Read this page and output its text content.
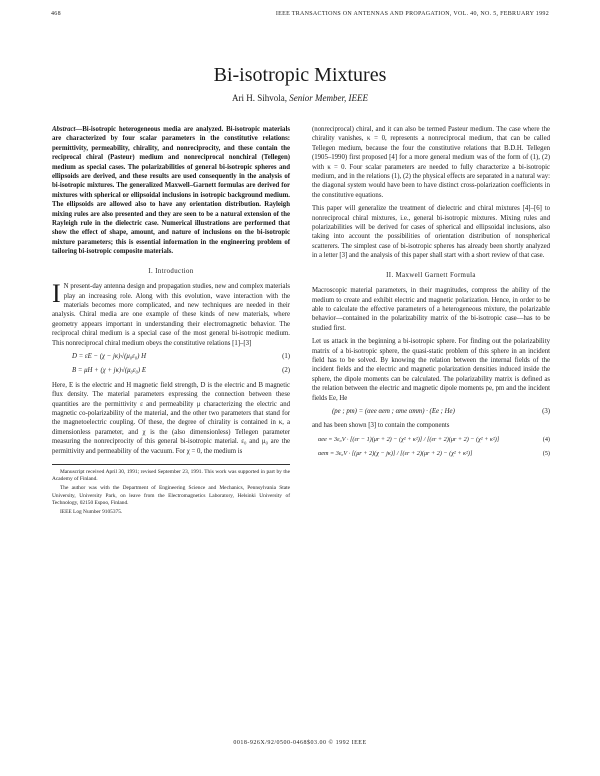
468	IEEE TRANSACTIONS ON ANTENNAS AND PROPAGATION, VOL. 40, NO. 5, FEBRUARY 1992
Bi-isotropic Mixtures

Ari H. Sihvola, Senior Member, IEEE

Abstract—Bi-isotropic heterogeneous media are analyzed. Bi-isotropic materials are characterized by four scalar parameters in the constitutive relations: permittivity, permeability, chirality, and nonreciprocity, and these contain the reciprocal chiral (Pasteur) medium and nonreciprocal nonchiral (Tellegen) medium as special cases. The polarizabilities of general bi-isotropic spheres and ellipsoids are derived, and these results are used consequently in the analysis of bi-isotropic mixtures. The generalized Maxwell–Garnett formulas are derived for mixtures with spherical or ellipsoidal inclusions in isotropic background medium. The ellipsoids are allowed also to have any orientation distribution. Rayleigh mixing rules are also presented and they are seen to be a natural extension of the Rayleigh rule in the dielectric case. Numerical illustrations are performed that show the effect of shape, amount, and nature of inclusions on the bi-isotropic mixture parameters; this is essential information in the engineering problem of tailoring bi-isotropic composite materials.

I. Introduction

I N present-day antenna design and propagation studies, new and complex materials play an increasing role. Along with this evolution, wave interaction with the materials becomes more complicated, and new techniques are needed in their analysis. Chiral media are one example of these kinds of new materials, where geometry appears important in understanding their electromagnetic behavior. The reciprocal chiral medium is a special case of the most general bi-isotropic medium. This nonreciprocal chiral medium obeys the constitutive relations [1]–[3]

D = εE − (χ − jκ)√(μ₀ε₀) H	(1)
B = μH + (χ + jκ)√(μ₀ε₀) E	(2)

Here, E is the electric and H magnetic field strength, D is the electric and B magnetic flux density. The material parameters expressing the connection between these quantities are the permittivity ε and permeability μ characterizing the electric and magnetic co-polarizability of the material, and the other two parameters that stand for the magnetoelectric coupling. Of these, the degree of chirality is contained in κ, a dimensionless parameter, and χ is the (also dimensionless) Tellegen parameter measuring the nonreciprocity of this general bi-isotropic material. ε₀ and μ₀ are the permittivity and permeability of the vacuum. For χ = 0, the medium is

Manuscript received April 30, 1991; revised September 23, 1991. This work was supported in part by the Academy of Finland.

The author was with the Department of Engineering Science and Mechanics, Pennsylvania State University, University Park, on leave from the Electromagnetics Laboratory, Helsinki University of Technology, 02150 Espoo, Finland.

IEEE Log Number 9105375.

(nonreciprocal) chiral, and it can also be termed Pasteur medium. The case where the chirality vanishes, κ = 0, represents a nonreciprocal medium, that can be called Tellegen medium, because the four the constitutive relations that B.D.H. Tellegen (1905–1990) first proposed [4] for a more general medium was of the form of (1), (2) with κ = 0. Four scalar parameters are needed to fully characterize a bi-isotropic medium, and in the relations (1), (2) the physical effects are separated in a natural way: the diagonal system would have been to have distinct cross-polarization coefficients in the constitutive equations.

This paper will generalize the treatment of dielectric and chiral mixtures [4]–[6] to nonreciprocal chiral mixtures, i.e., general bi-isotropic mixtures. Mixing rules and polarizabilities will be derived for cases of spherical and ellipsoidal inclusions, also taking into account the possibilities of orientation distribution of nonspherical scatterers. The simplest case of bi-isotropic spheres has already been shortly analyzed in a letter [3] and the analysis of this paper shall start with a short review of that case.

II. Maxwell Garnett Formula

Macroscopic material parameters, in their magnitudes, compress the ability of the medium to create and exhibit electric and magnetic polarization. Hence, in order to be able to calculate the effective parameters of a heterogeneous mixture, the polarizable behavior—contained in the polarizability matrix of the bi-isotropic case—has to be studied first.

Let us attack in the beginning a bi-isotropic sphere. For finding out the polarizability matrix of a bi-isotropic sphere, the quasi-static problem of this sphere in an incident field has to be solved. By knowing the relation between the internal fields of the incident fields and the electric and magnetic polarization densities induced inside the sphere, the dipole moments can be calculated. The polarizability matrix is defined as the relation between the electric and magnetic dipole moments pe, pm and the incident fields Ee, He

(pe ; pm) = (αee αem ; αme αmm) · (Ee ; He)	(3)

and has been shown [3] to contain the components

αee = 3ε₀V · [(εr − 1)(μr + 2) − (χ² + κ²)] / [(εr + 2)(μr + 2) − (χ² + κ²)]	(4)
αem = 3ε₀V · [(μr + 2)(χ − jκ)] / [(εr + 2)(μr + 2) − (χ² + κ²)]	(5)
0018-926X/92/0500-0468$03.00 © 1992 IEEE
